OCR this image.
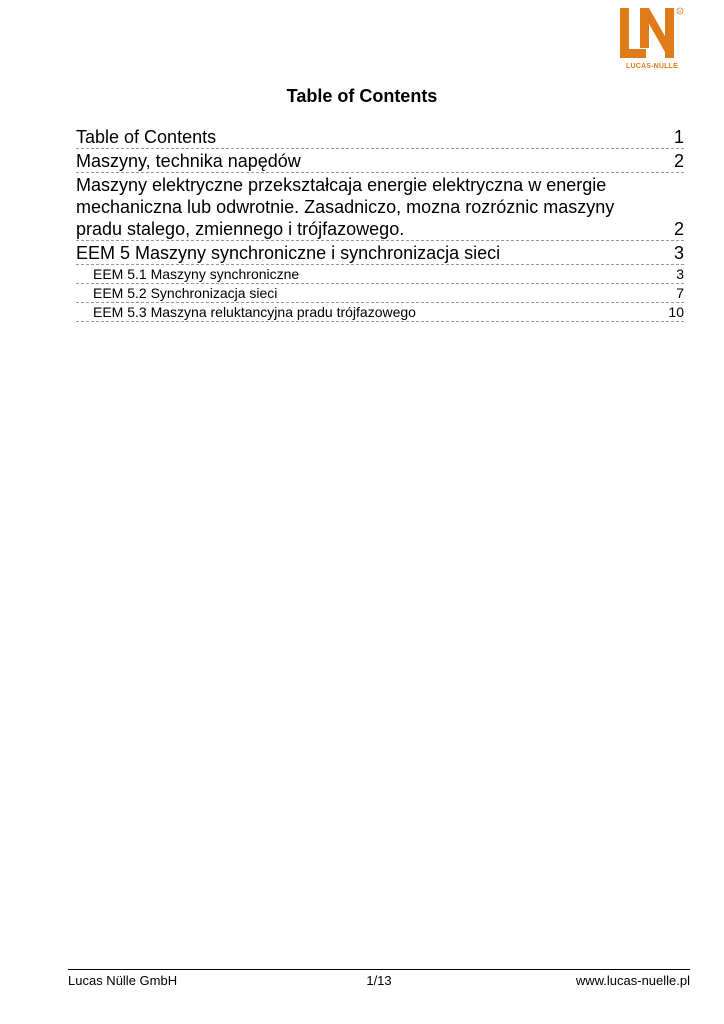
R
LUCAS-NÜLLE
Table of Contents
Table of Contents	1
Maszyny, technika napędów	2
Maszyny elektryczne przekształcaja energie elektryczna w energie mechaniczna lub odwrotnie. Zasadniczo, mozna rozróznic maszyny pradu stalego, zmiennego i trójfazowego.	2
EEM 5 Maszyny synchroniczne i synchronizacja sieci	3
EEM 5.1 Maszyny synchroniczne	3
EEM 5.2 Synchronizacja sieci	7
EEM 5.3 Maszyna reluktancyjna pradu trójfazowego	10
Lucas Nülle GmbH	1/13	www.lucas-nuelle.pl
